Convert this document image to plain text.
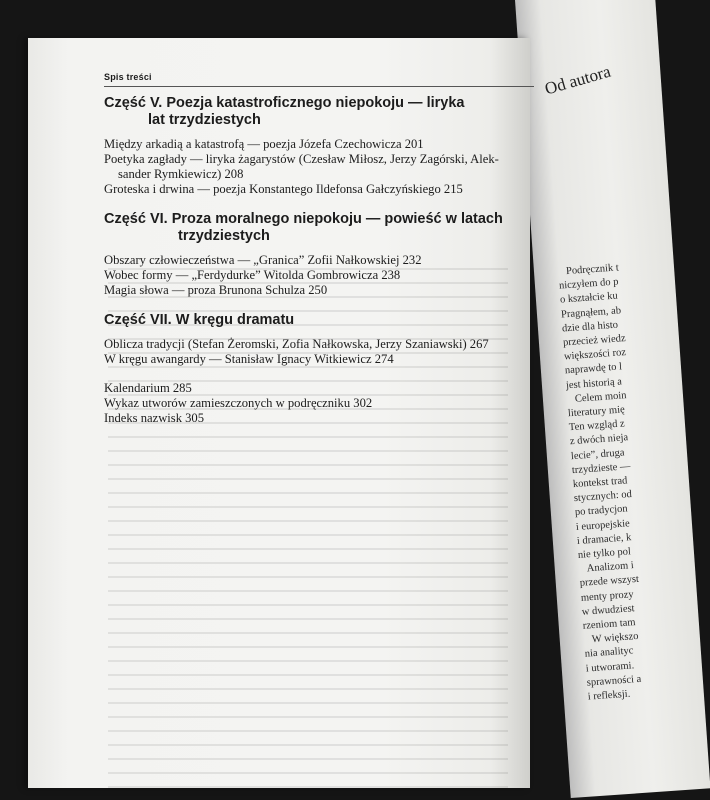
Od autora
Podręcznik t
niczyłem do p
o kształcie ku
Pragnąłem, ab
dzie dla histo
przecież wiedz
większości roz
naprawdę to l
jest historią a
Celem moin
literatury mię
Ten wzgląd z
z dwóch nieja
lecie”, druga
trzydzieste —
kontekst trad
stycznych: od
po tradycjon
i europejskie
i dramacie, k
nie tylko pol
Analizom i
przede wszyst
menty prozy
w dwudziest
rzeniom tam
W większo
nia analityc
i utworami.
sprawności a
i refleksji.
Spis treści
Część V. Poezja katastroficznego niepokoju — liryka
lat trzydziestych
Między arkadią a katastrofą — poezja Józefa Czechowicza 201
Poetyka zagłady — liryka żagarystów (Czesław Miłosz, Jerzy Zagórski, Alek-
sander Rymkiewicz) 208
Groteska i drwina — poezja Konstantego Ildefonsa Gałczyńskiego 215
Część VI. Proza moralnego niepokoju — powieść w latach
trzydziestych
Obszary człowieczeństwa — „Granica” Zofii Nałkowskiej 232
Wobec formy — „Ferdydurke” Witolda Gombrowicza 238
Magia słowa — proza Brunona Schulza 250
Część VII. W kręgu dramatu
Oblicza tradycji (Stefan Żeromski, Zofia Nałkowska, Jerzy Szaniawski) 267
W kręgu awangardy — Stanisław Ignacy Witkiewicz 274
Kalendarium 285
Wykaz utworów zamieszczonych w podręczniku 302
Indeks nazwisk 305
